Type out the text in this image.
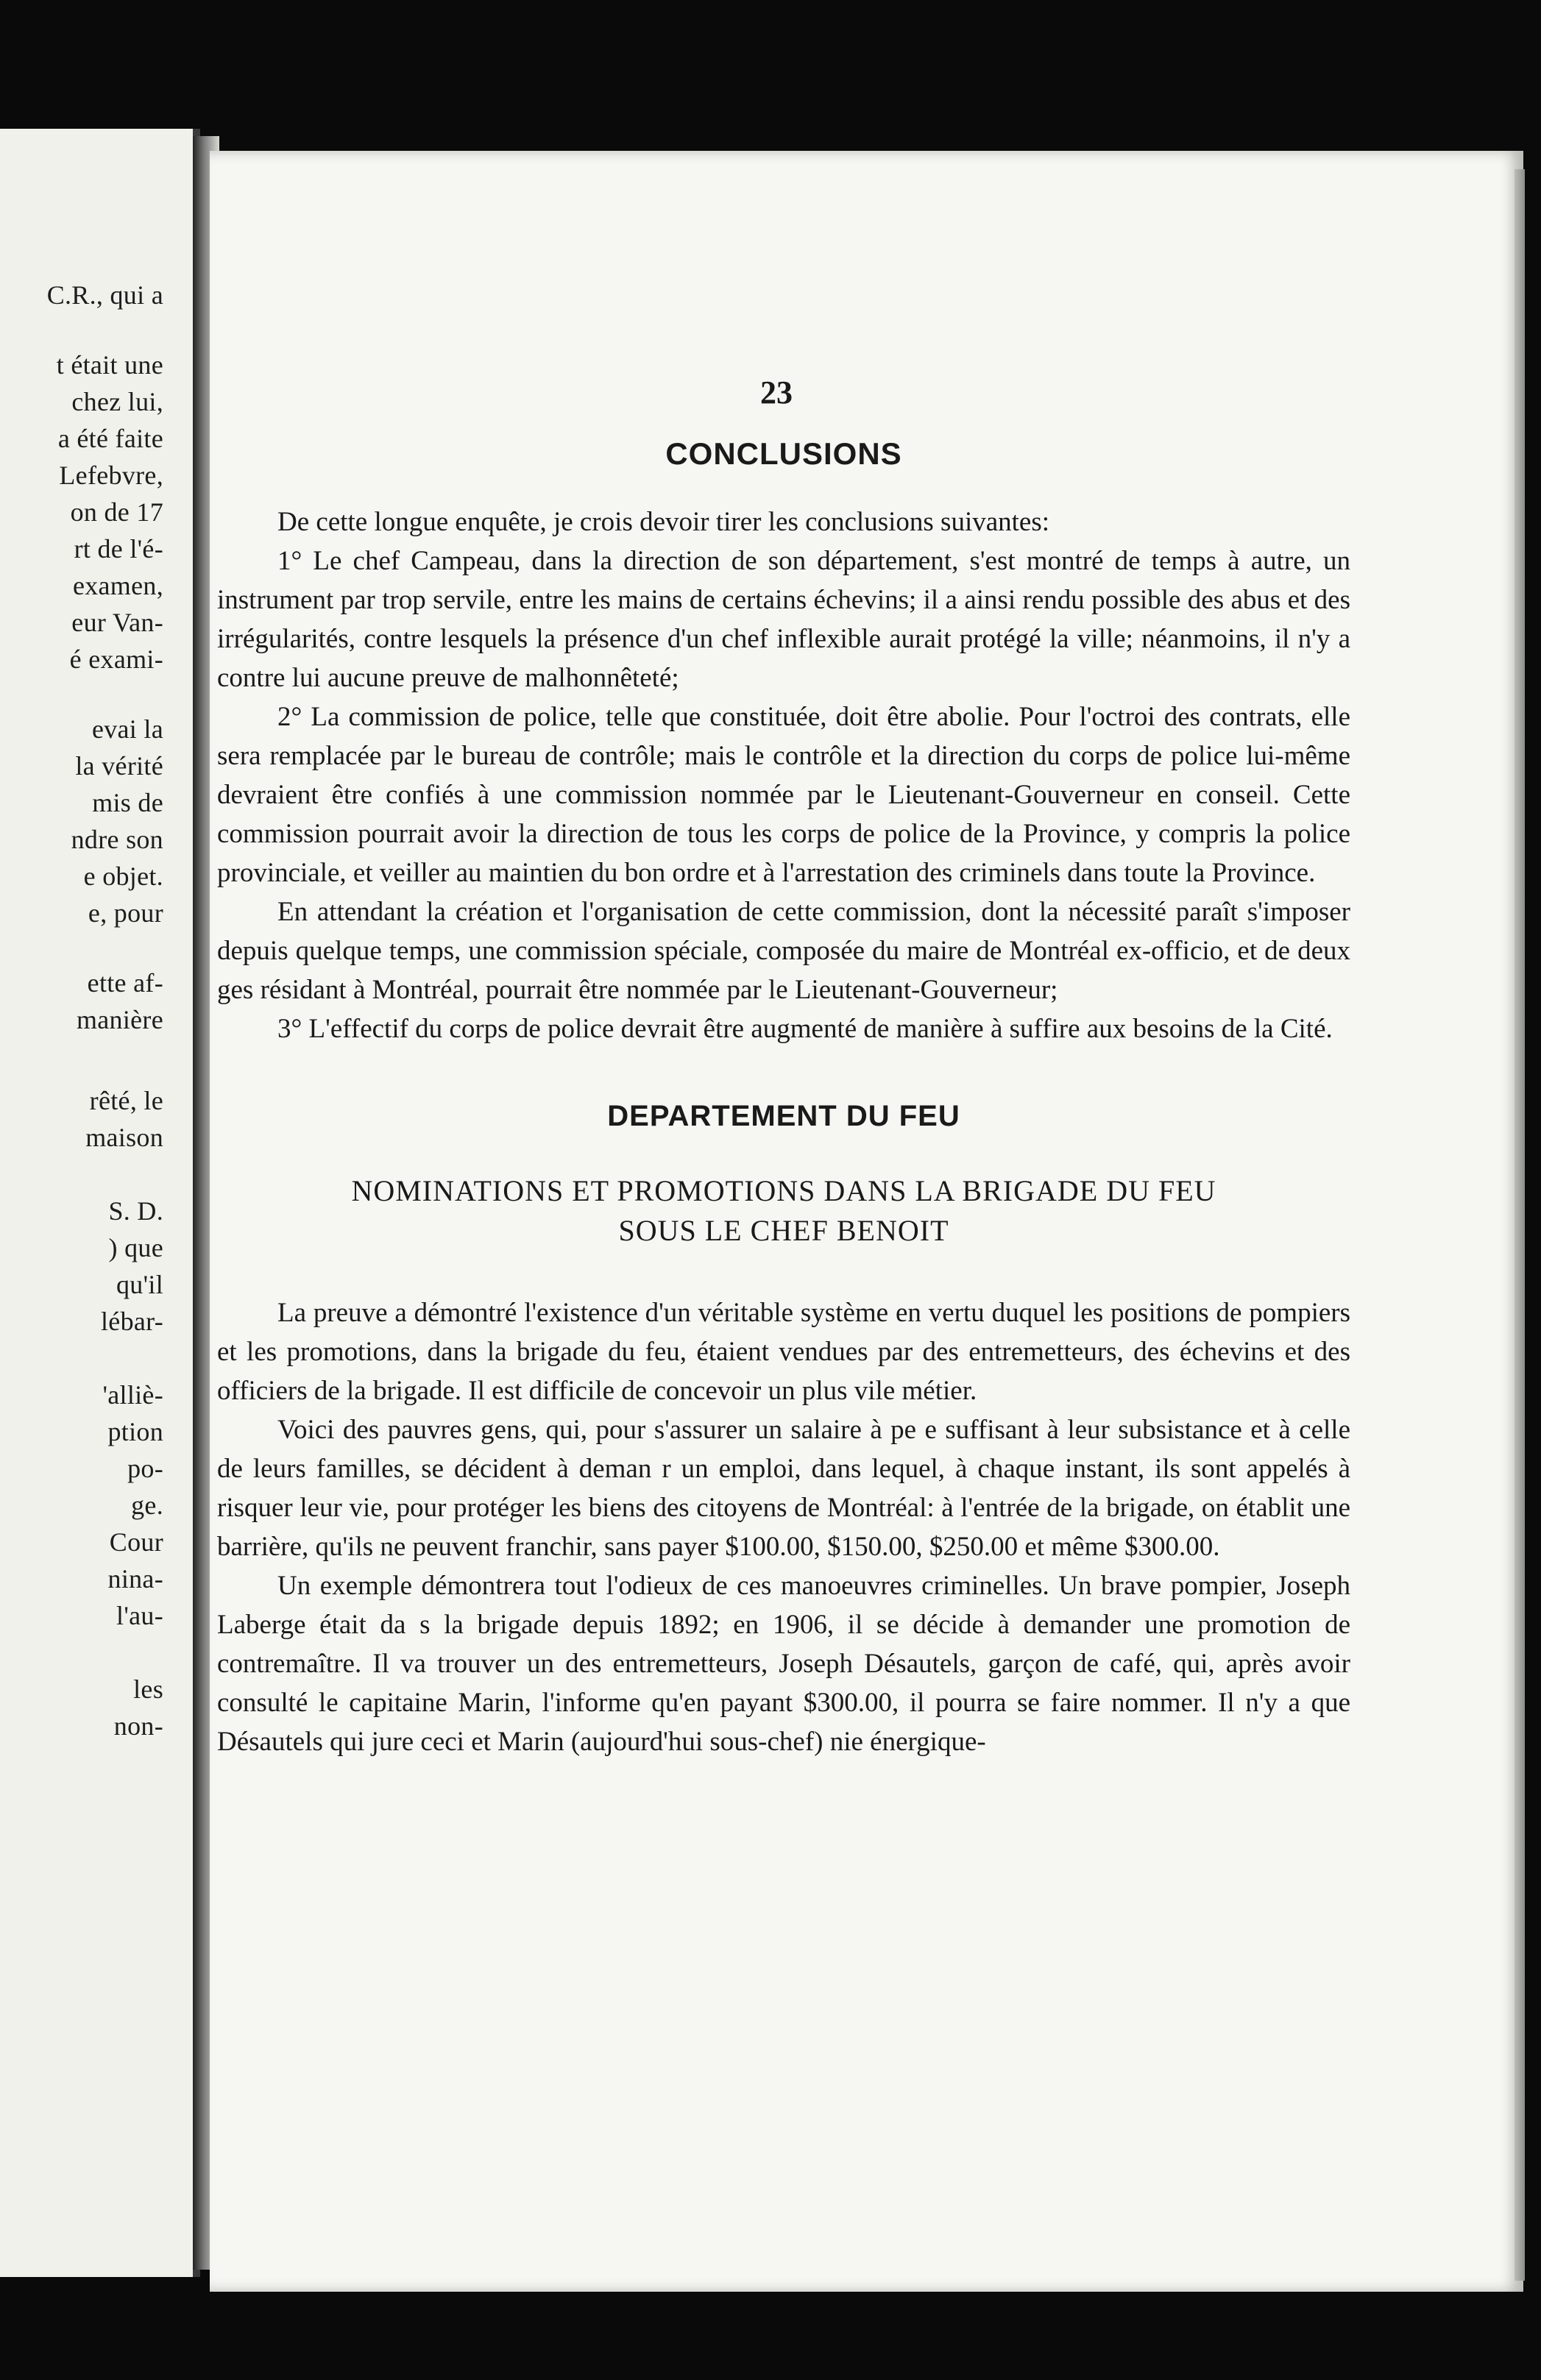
C.R., qui a
t était une
chez lui,
a été faite
Lefebvre,
on de 17
rt de l'é-
examen,
eur Van-
é exami-
evai la
la vérité
mis de
ndre son
e objet.
e, pour
ette af-
manière
rêté, le
maison
S. D.
) que
qu'il
lébar-
'alliè-
ption
po-
ge.
Cour
nina-
l'au-
les
non-
23
CONCLUSIONS

De cette longue enquête, je crois devoir tirer les conclusions suivantes:

1° Le chef Campeau, dans la direction de son département, s'est montré de temps à autre, un instrument par trop servile, entre les mains de certains échevins; il a ainsi rendu possible des abus et des irrégularités, contre lesquels la présence d'un chef inflexible aurait protégé la ville; néanmoins, il n'y a contre lui aucune preuve de malhonnêteté;

2° La commission de police, telle que constituée, doit être abolie. Pour l'octroi des contrats, elle sera remplacée par le bureau de contrôle; mais le contrôle et la direction du corps de police lui-même devraient être confiés à une commission nommée par le Lieutenant-Gouverneur en conseil. Cette commission pourrait avoir la direction de tous les corps de police de la Province, y compris la police provinciale, et veiller au maintien du bon ordre et à l'arrestation des criminels dans toute la Province.

En attendant la création et l'organisation de cette commission, dont la nécessité paraît s'imposer depuis quelque temps, une commission spéciale, composée du maire de Montréal ex-officio, et de deux ges résidant à Montréal, pourrait être nommée par le Lieutenant-Gouverneur;

3° L'effectif du corps de police devrait être augmenté de manière à suffire aux besoins de la Cité.

DEPARTEMENT DU FEU
NOMINATIONS ET PROMOTIONS DANS LA BRIGADE DU FEU
SOUS LE CHEF BENOIT

La preuve a démontré l'existence d'un véritable système en vertu duquel les positions de pompiers et les promotions, dans la brigade du feu, étaient vendues par des entremetteurs, des échevins et des officiers de la brigade. Il est difficile de concevoir un plus vile métier.

Voici des pauvres gens, qui, pour s'assurer un salaire à pe e suffisant à leur subsistance et à celle de leurs familles, se décident à deman r un emploi, dans lequel, à chaque instant, ils sont appelés à risquer leur vie, pour protéger les biens des citoyens de Montréal: à l'entrée de la brigade, on établit une barrière, qu'ils ne peuvent franchir, sans payer $100.00, $150.00, $250.00 et même $300.00.

Un exemple démontrera tout l'odieux de ces manoeuvres criminelles. Un brave pompier, Joseph Laberge était da s la brigade depuis 1892; en 1906, il se décide à demander une promotion de contremaître. Il va trouver un des entremetteurs, Joseph Désautels, garçon de café, qui, après avoir consulté le capitaine Marin, l'informe qu'en payant $300.00, il pourra se faire nommer. Il n'y a que Désautels qui jure ceci et Marin (aujourd'hui sous-chef) nie énergique-
